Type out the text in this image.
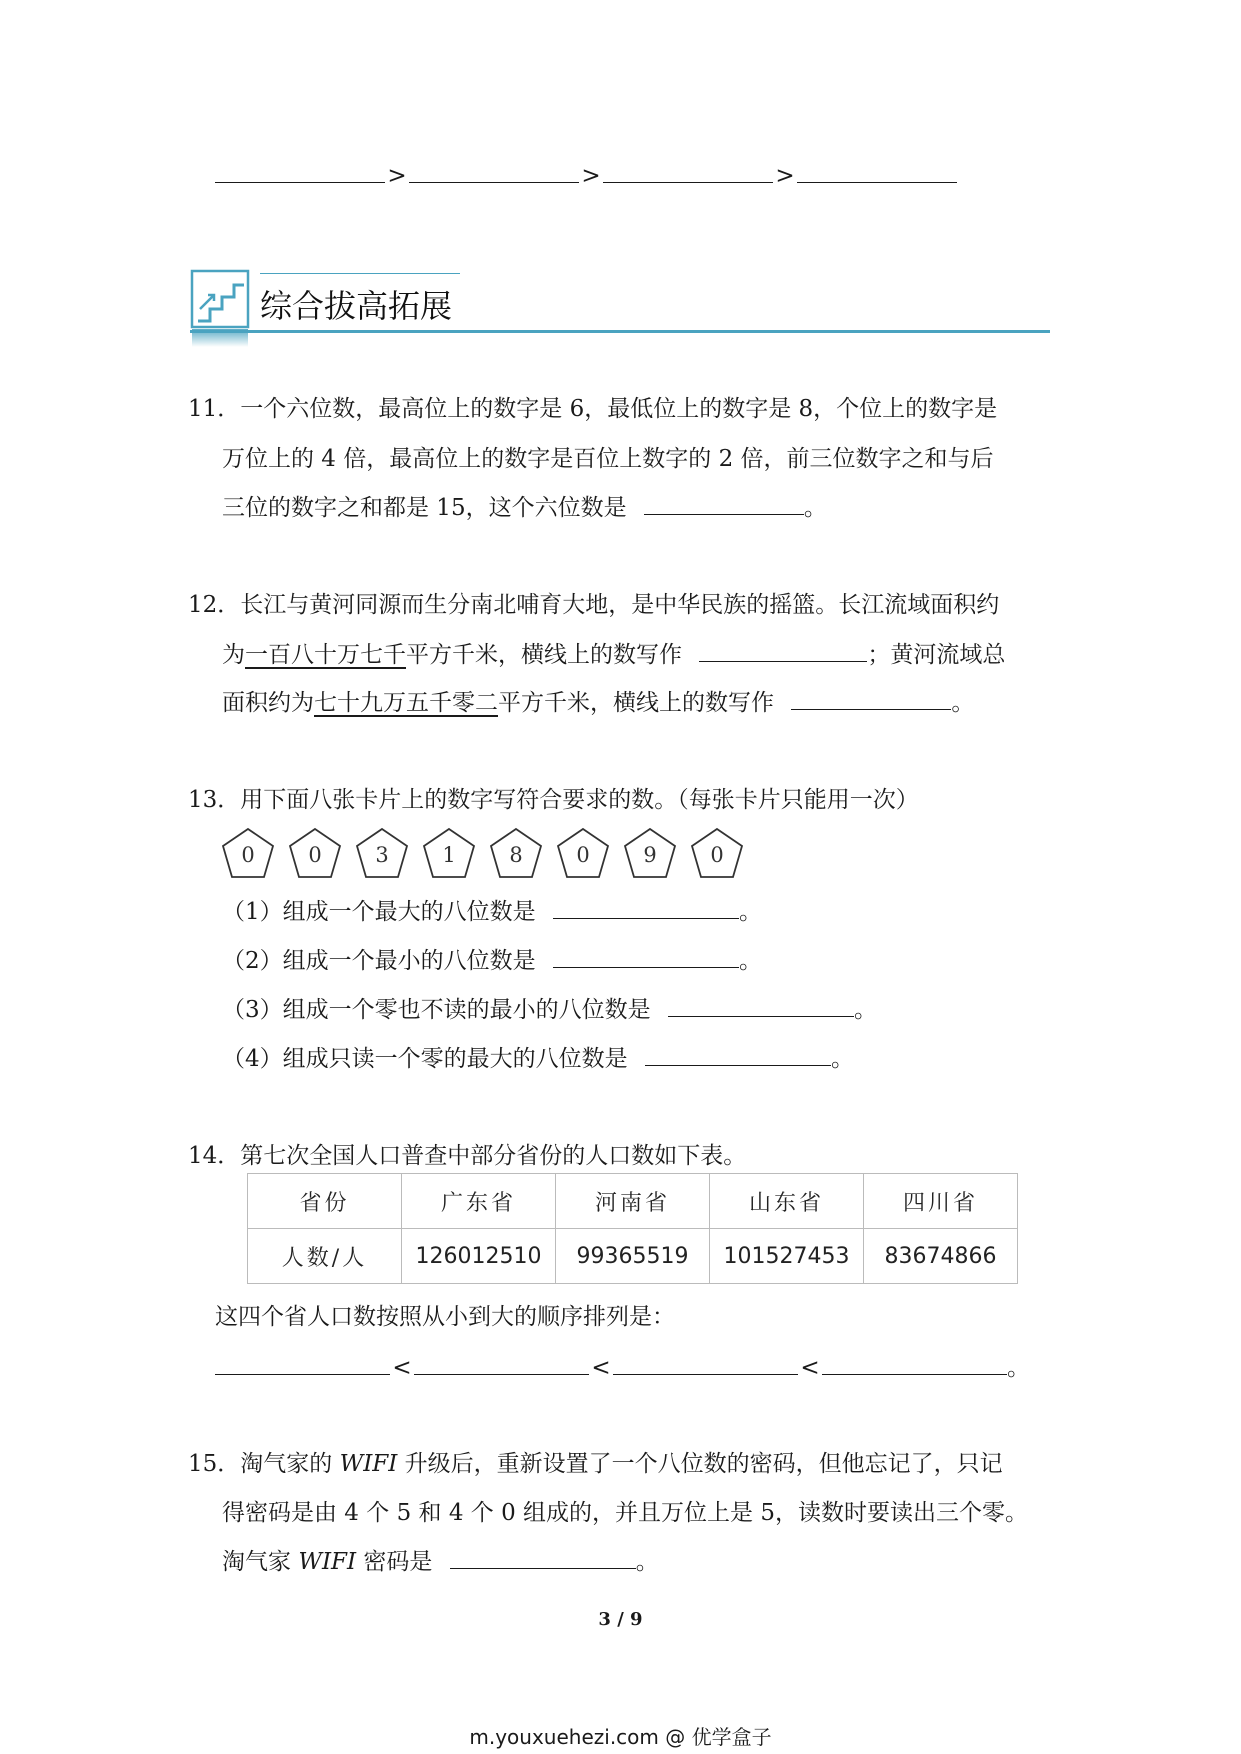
>	>	>
综合拔高拓展
11．一个六位数，最高位上的数字是 6，最低位上的数字是 8，个位上的数字是
万位上的 4 倍，最高位上的数字是百位上数字的 2 倍，前三位数字之和与后
三位的数字之和都是 15，这个六位数是	。
12．长江与黄河同源而生分南北哺育大地，是中华民族的摇篮。长江流域面积约
为一百八十万七千平方千米，横线上的数写作	；黄河流域总
面积约为七十九万五千零二平方千米，横线上的数写作	。
13．用下面八张卡片上的数字写符合要求的数。（每张卡片只能用一次）
0	0	3	1	8	0	9	0
（1）组成一个最大的八位数是	。
（2）组成一个最小的八位数是	。
（3）组成一个零也不读的最小的八位数是	。
（4）组成只读一个零的最大的八位数是	。
14．第七次全国人口普查中部分省份的人口数如下表。
省份	广东省	河南省	山东省	四川省
人数/人	126012510	99365519	101527453	83674866
这四个省人口数按照从小到大的顺序排列是：
<	<	<	。
15．淘气家的 WIFI 升级后，重新设置了一个八位数的密码，但他忘记了，只记
得密码是由 4 个 5 和 4 个 0 组成的，并且万位上是 5，读数时要读出三个零。
淘气家 WIFI 密码是	。
3 / 9
m.youxuehezi.com @ 优学盒子
